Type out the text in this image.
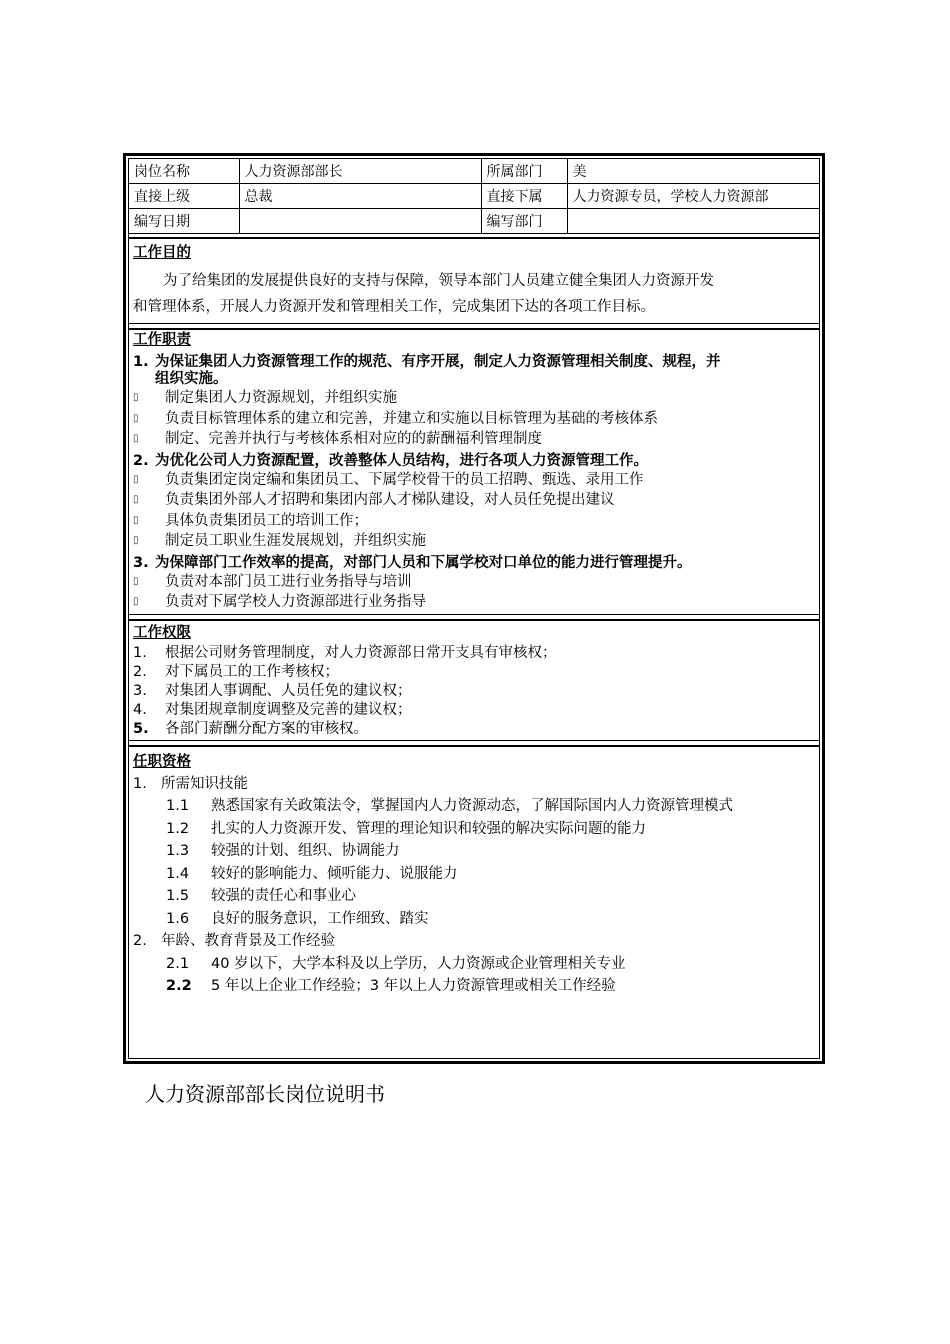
岗位名称	人力资源部部长	所属部门	美
直接上级	总裁	直接下属	人力资源专员，学校人力资源部
编写日期		编写部门	
工作目的
为了给集团的发展提供良好的支持与保障，领导本部门人员建立健全集团人力资源开发
和管理体系，开展人力资源开发和管理相关工作，完成集团下达的各项工作目标。
工作职责
1. 为保证集团人力资源管理工作的规范、有序开展，制定人力资源管理相关制度、规程，并
组织实施。
▯	制定集团人力资源规划，并组织实施
▯	负责目标管理体系的建立和完善，并建立和实施以目标管理为基础的考核体系
▯	制定、完善并执行与考核体系相对应的的薪酬福利管理制度
2. 为优化公司人力资源配置，改善整体人员结构，进行各项人力资源管理工作。
▯	负责集团定岗定编和集团员工、下属学校骨干的员工招聘、甄选、录用工作
▯	负责集团外部人才招聘和集团内部人才梯队建设，对人员任免提出建议
▯	具体负责集团员工的培训工作；
▯	制定员工职业生涯发展规划，并组织实施
3. 为保障部门工作效率的提高，对部门人员和下属学校对口单位的能力进行管理提升。
▯	负责对本部门员工进行业务指导与培训
▯	负责对下属学校人力资源部进行业务指导
工作权限
1.	根据公司财务管理制度，对人力资源部日常开支具有审核权；
2.	对下属员工的工作考核权；
3.	对集团人事调配、人员任免的建议权；
4.	对集团规章制度调整及完善的建议权；
5.	各部门薪酬分配方案的审核权。
任职资格
1. 所需知识技能
1.1	熟悉国家有关政策法令，掌握国内人力资源动态，了解国际国内人力资源管理模式
1.2	扎实的人力资源开发、管理的理论知识和较强的解决实际问题的能力
1.3	较强的计划、组织、协调能力
1.4	较好的影响能力、倾听能力、说服能力
1.5	较强的责任心和事业心
1.6	良好的服务意识，工作细致、踏实
2. 年龄、教育背景及工作经验
2.1	40 岁以下，大学本科及以上学历，人力资源或企业管理相关专业
2.2	5 年以上企业工作经验；3 年以上人力资源管理或相关工作经验
人力资源部部长岗位说明书
